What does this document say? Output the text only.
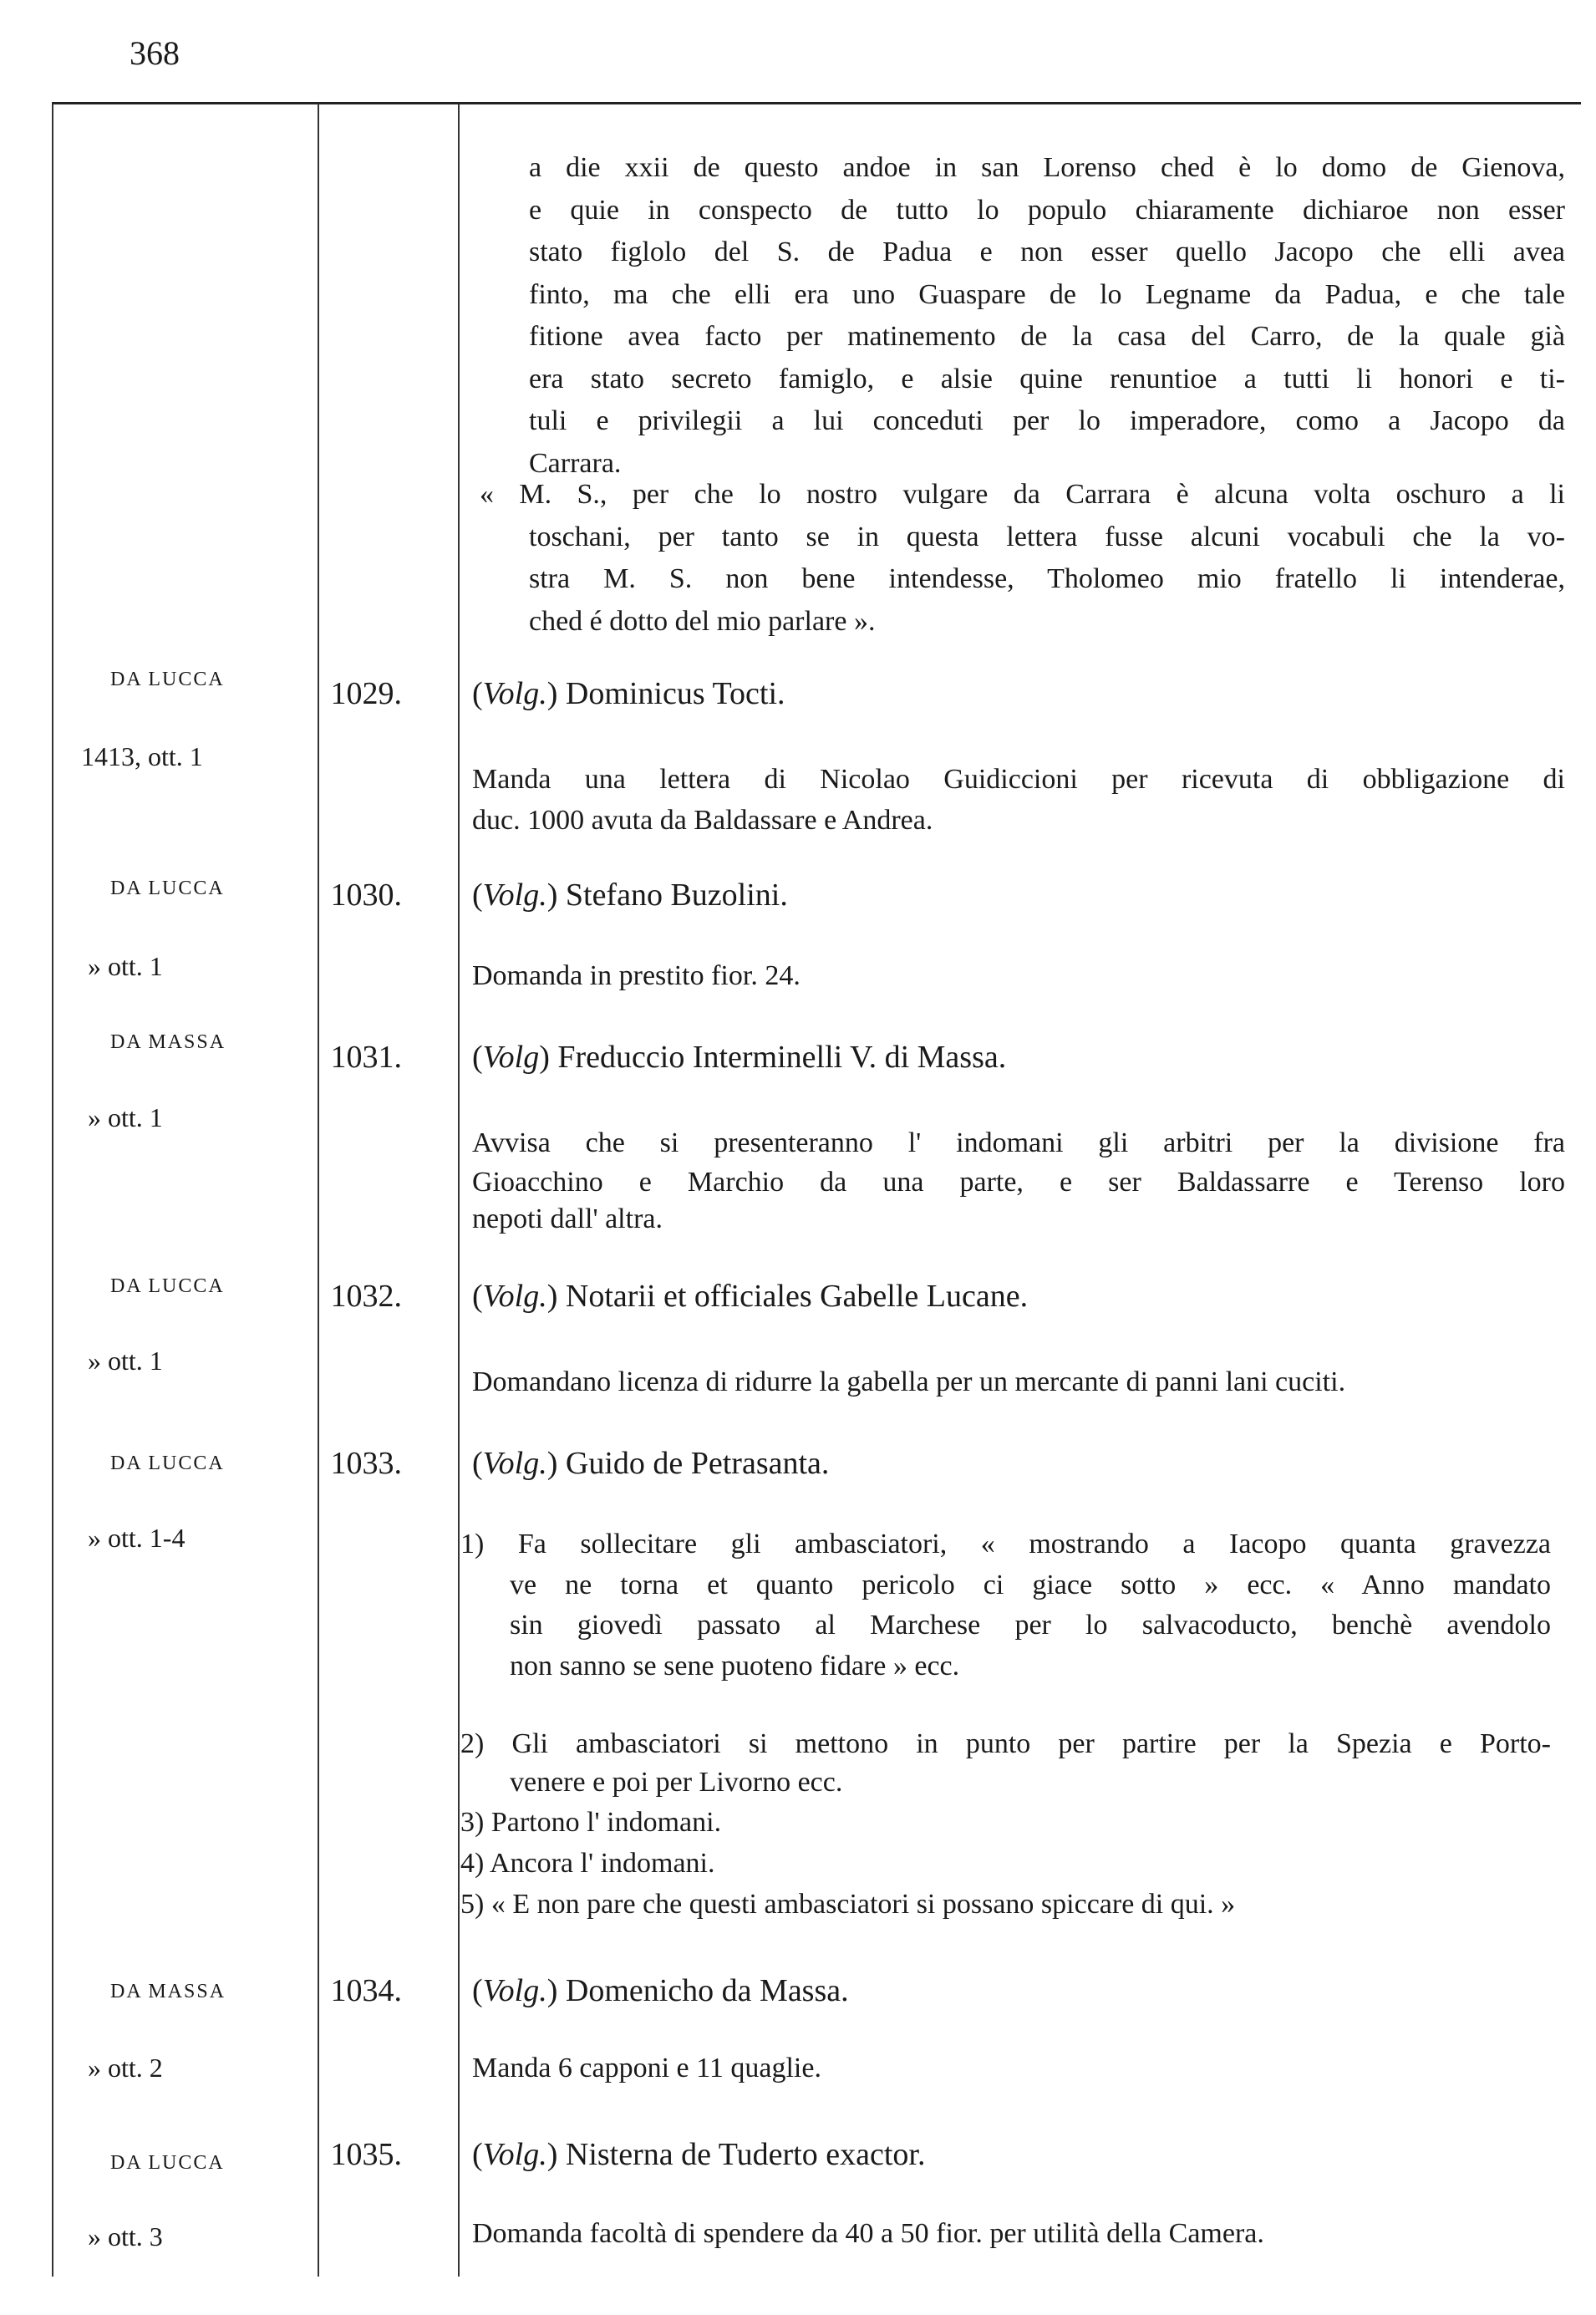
368
a die xxii de questo andoe in san Lorenso ched è lo domo de Gienova,
e quie in conspecto de tutto lo populo chiaramente dichiaroe non esser
stato figlolo del S. de Padua e non esser quello Jacopo che elli avea
finto, ma che elli era uno Guaspare de lo Legname da Padua, e che tale
fitione avea facto per matinemento de la casa del Carro, de la quale già
era stato secreto famiglo, e alsie quine renuntioe a tutti li honori e ti-
tuli e privilegii a lui conceduti per lo imperadore, como a Jacopo da
Carrara.
« M. S., per che lo nostro vulgare da Carrara è alcuna volta oschuro a li
toschani, per tanto se in questa lettera fusse alcuni vocabuli che la vo-
stra M. S. non bene intendesse, Tholomeo mio fratello li intenderae,
ched é dotto del mio parlare ».
DA LUCCA
1413, ott. 1
1029. (Volg.) Dominicus Tocti.
Manda una lettera di Nicolao Guidiccioni per ricevuta di obbligazione di
duc. 1000 avuta da Baldassare e Andrea.
DA LUCCA
» ott. 1
1030. (Volg.) Stefano Buzolini.
Domanda in prestito fior. 24.
DA MASSA
» ott. 1
1031. (Volg) Freduccio Interminelli V. di Massa.
Avvisa che si presenteranno l' indomani gli arbitri per la divisione fra
Gioacchino e Marchio da una parte, e ser Baldassarre e Terenso loro
nepoti dall' altra.
DA LUCCA
» ott. 1
1032. (Volg.) Notarii et officiales Gabelle Lucane.
Domandano licenza di ridurre la gabella per un mercante di panni lani cuciti.
DA LUCCA
» ott. 1-4
1033. (Volg.) Guido de Petrasanta.
1) Fa sollecitare gli ambasciatori, « mostrando a Iacopo quanta gravezza
ve ne torna et quanto pericolo ci giace sotto » ecc. « Anno mandato
sin giovedì passato al Marchese per lo salvacoducto, benchè avendolo
non sanno se sene puoteno fidare » ecc.
2) Gli ambasciatori si mettono in punto per partire per la Spezia e Porto-
venere e poi per Livorno ecc.
3) Partono l' indomani.
4) Ancora l' indomani.
5) « E non pare che questi ambasciatori si possano spiccare di qui. »
DA MASSA
» ott. 2
1034. (Volg.) Domenicho da Massa.
Manda 6 capponi e 11 quaglie.
DA LUCCA
» ott. 3
1035. (Volg.) Nisterna de Tuderto exactor.
Domanda facoltà di spendere da 40 a 50 fior. per utilità della Camera.
